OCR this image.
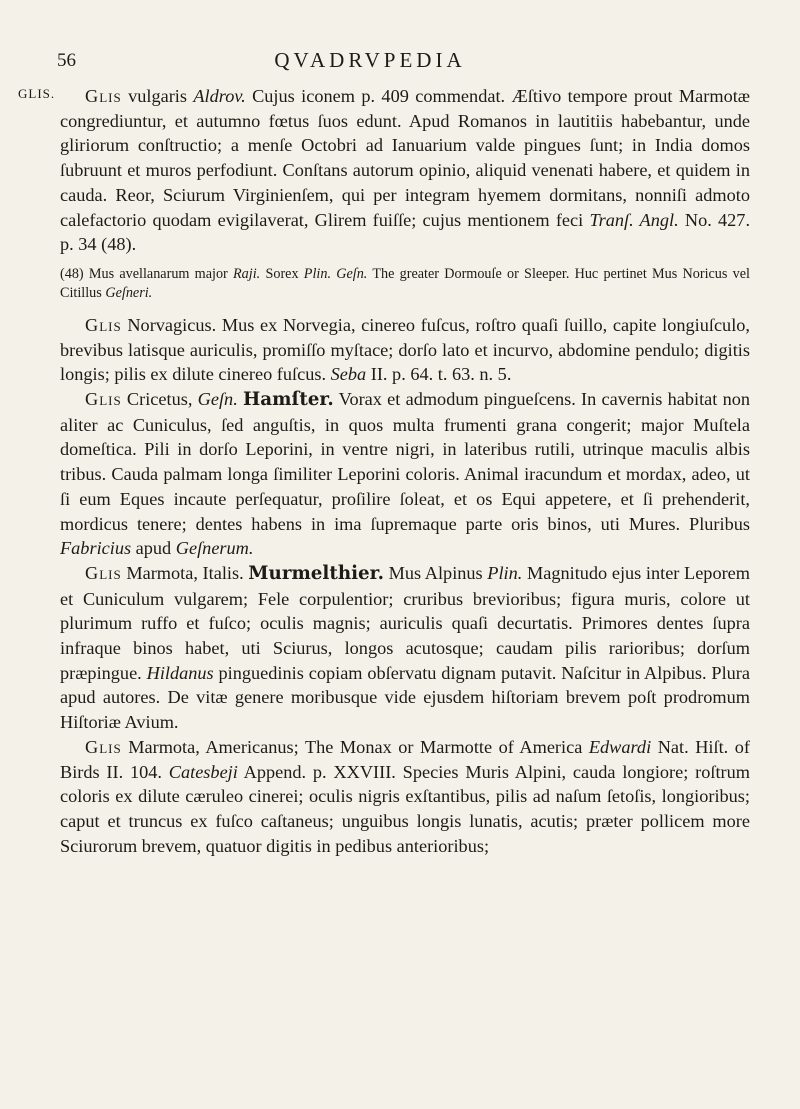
56	QVADRVPEDIA
GLIS.	Glis vulgaris Aldrov. Cujus iconem p. 409 commendat. Æſtivo tempore prout Marmotæ congrediuntur, et autumno fœtus ſuos edunt. Apud Romanos in lautitiis habebantur, unde gliriorum conſtructio; a menſe Octobri ad Ianuarium valde pingues ſunt; in India domos ſubruunt et muros perfodiunt. Conſtans autorum opinio, aliquid venenati habere, et quidem in cauda. Reor, Sciurum Virginienſem, qui per integram hyemem dormitans, nonniſi admoto calefactorio quodam evigilaverat, Glirem fuiſſe; cujus mentionem feci Tranſ. Angl. No. 427. p. 34 (48).

(48) Mus avellanarum major Raji. Sorex Plin. Geſn. The greater Dormouſe or Sleeper. Huc pertinet Mus Noricus vel Citillus Geſneri.

Glis Norvagicus. Mus ex Norvegia, cinereo fuſcus, roſtro quaſi ſuillo, capite longiuſculo, brevibus latisque auriculis, promiſſo myſtace; dorſo lato et incurvo, abdomine pendulo; digitis longis; pilis ex dilute cinereo fuſcus. Seba II. p. 64. t. 63. n. 5.

Glis Cricetus, Geſn. Hamſter. Vorax et admodum pingueſcens. In cavernis habitat non aliter ac Cuniculus, ſed anguſtis, in quos multa frumenti grana congerit; major Muſtela domeſtica. Pili in dorſo Leporini, in ventre nigri, in lateribus rutili, utrinque maculis albis tribus. Cauda palmam longa ſimiliter Leporini coloris. Animal iracundum et mordax, adeo, ut ſi eum Eques incaute perſequatur, proſilire ſoleat, et os Equi appetere, et ſi prehenderit, mordicus tenere; dentes habens in ima ſupremaque parte oris binos, uti Mures. Pluribus Fabricius apud Geſnerum.

Glis Marmota, Italis. Murmelthier. Mus Alpinus Plin. Magnitudo ejus inter Leporem et Cuniculum vulgarem; Fele corpulentior; cruribus brevioribus; figura muris, colore ut plurimum ruffo et fuſco; oculis magnis; auriculis quaſi decurtatis. Primores dentes ſupra infraque binos habet, uti Sciurus, longos acutosque; caudam pilis rarioribus; dorſum præpingue. Hildanus pinguedinis copiam obſervatu dignam putavit. Naſcitur in Alpibus. Plura apud autores. De vitæ genere moribusque vide ejusdem hiſtoriam brevem poſt prodromum Hiſtoriæ Avium.

Glis Marmota, Americanus; The Monax or Marmotte of America Edwardi Nat. Hiſt. of Birds II. 104. Catesbeji Append. p. XXVIII. Species Muris Alpini, cauda longiore; roſtrum coloris ex dilute cæruleo cinerei; oculis nigris exſtantibus, pilis ad naſum ſetoſis, longioribus; caput et truncus ex fuſco caſtaneus; unguibus longis lunatis, acutis; præter pollicem more Sciurorum brevem, quatuor digitis in pedibus anterioribus;
